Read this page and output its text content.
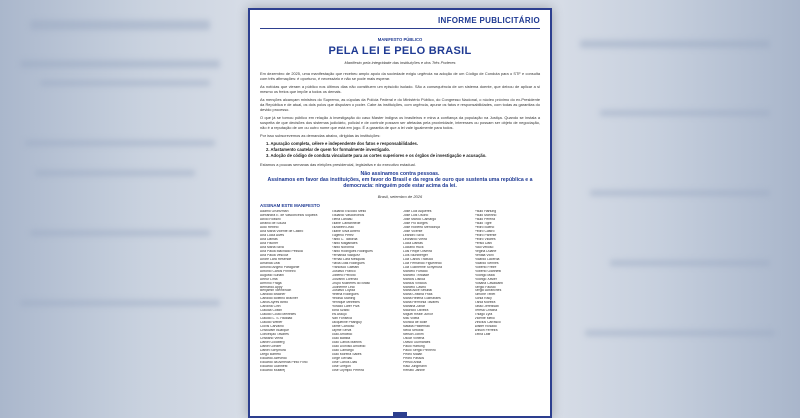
INFORME PUBLICITÁRIO
MANIFESTO PÚBLICO
PELA LEI E PELO BRASIL
Manifesto pela integridade das instituições e dos Três Poderes

Em dezembro de 2025, uma manifestação que recebeu amplo apoio da sociedade exigiu urgência na adoção de um Código de Conduta para o STF e consulta com três afirmações: é oportuno, é necessário e não se pode mais esperar.

As notícias que vieram a público nos últimos dias não constituem um episódio isolado. São a consequência de um sistema doente, que deixou de aplicar a si mesmo os freios que impõe a todos os demais.

As menções alcançam ministros do Supremo, as cúpulas da Polícia Federal e do Ministério Público, do Congresso Nacional, o núcleo próximo do ex-Presidente da República e de atual, os dois polos que disputam o poder. Cabe às instituições, com urgência, apurar os fatos e responsabilidades, com todas as garantias do devido processo.

O que já se tornou público em relação à investigação do caso Master indigna os brasileiros e mina a confiança da população na Justiça. Quando se instala a suspeita de que decisões dos sistemas judiciário, policial e de controle possam ser afetadas pela proximidade, interesses ou possam ser objeto de negociação, não é a reputação de um ou outro nome que está em jogo. É a garantia de que a lei vale igualmente para todos.

Por isso subscrevemos as demandas abaixo, dirigidas às instituições:

1. Apuração completa, célere e independente dos fatos e responsabilidades.
2. Afastamento cautelar de quem for formalmente investigado.
3. Adoção de código de conduta vinculante para as cortes superiores e os órgãos de investigação e acusação.

Estamos a poucas semanas das eleições presidencial, legislativa e do executivo estadual.

Não assinamos contra pessoas.
Assinamos em favor das instituições, em favor do Brasil e da regra de ouro que sustenta uma república e a democracia: ninguém pode estar acima da lei.
Brasil, setembro de 2026
ASSINAM ESTE MANIFESTO
Adamo Gruntzman
Alexandra E. de Vasconcelos Siqueira
Abílio Rossini
Afrânio de Souza
Aldo Rebelo
Ana Maria Vicente de Castro
Ana Lúcia Alves
Ana Dantas
Ana Fischer
Ana Maria Silva
Ana Paula Machado Pessoa
Ana Paula Vescovi
André Lara Resende
Amanda Leal
Antônio Angelo Paragonte
Antônio Carlos Pinheiro
Augusto Suriani
Arthur Lima
Armínio Fraga
Bernardo Appy
Benjamin Steinbruch
Cândido Bracher
Candido Botelho Bracher
Carlos Ayres Britto
Carolina Cirin
Cláudia Costin
Cláudio Couto Meirelles
Cláudio L. S. Haddad
Cláudio Weber
Clóvis Carvalho
Cristovam Buarque
Conceição Tavares
Cristiano Vieira
Daniel Goldberg
Daniel Gleizer
Daniel Schymura
Diego Barreto
Eduardo Azevedo
Eduardo da Almeida Pinto Filho
Eduardo Giannetti
Eduardo Mufarej
Eduardo Escocio Mello
Eduardo Vasconcelos
Elena Landau
Eliane Cantanhêde
Elizabeth Leão
Eliane Silva Antero
Eugênio Pérez
Fábio C. Taborda
Fábio Magalhães
Fábio Noronha
Fábio Rodrigues Rodrigues
Fernanda Vazquez
Fernão Lara Mesquita
Flávia Dias Rodrigues
Francisco Gaetani
Gustavo Franco
Gilberto Peixoto
Giovanni Lorenzo
Grupo Mulheres do Brasil
Guilherme Leal
Gustavo Loyola
Helena Rodrigues
Heloisa Starling
Henrique Meirelles
Horácio Lafer Piva
Ilona Szabó
Iris Araújo
Ivan Fonseca
Jacqueline Pitanguy
Jaime Cardoso
Jayme Serva
João Amoêdo
João Batista
João Carlos Martins
João Dionísio Amoedo
João Camargo
João Moreira Salles
Jorge Gerdau
José Carlos Dias
José Gregori
José Olympio Pereira
José Luiz Alquéres
José Luis Osorio
José Márcio Camargo
José Pio Borges
José Roberto Mendonça
José Vicente
Leandro Silva
Leonardo Vieira
Lúcia Dantas
Luciano Huck
Luis Felipe Oliveira
Luís Stuhlberger
Luiz Carlos Trabuco
Luiz Fernando Figueiredo
Luiz Guilherme Schymura
Marcelo Furtado
Marcelo Trindade
Marcos Lisboa
Marcus Vinicius
Marcelo Castro
Maria Alice Setubal
Maria Cristina Frias
Maria Helena Guimarães
Maria Hermínia Tavares
Mariana Zahar
Maurício Oliveira
Miguel Reale Júnior
Milú Villela
Monica de Bolle
Natália Pasternak
Neca Setubal
Nelson Jobim
Oscar Vilhena
Otávio Guimarães
Paulo Hartung
Paulo Sérgio Pinheiro
Pedro Malan
Pedro Passos
Persio Arida
Raul Jungmann
Renato Janine
Paulo Hartung
Paulo Marinho
Paulo Pereira
Paulo Tigre
Pedro Bueno
Pedro Castro
Pedro Parente
Pedro Villares
Persio Dahl
Raul Velloso
Regina Duarte
Renata Vichi
Ricardo Lacerda
Ricardo Sennes
Roberto Freire
Roberto Giannetti
Rodrigo Maia
Rodrigo Xavier
Rosana Cavalcanti
Sérgio Fausto
Sérgio Abranches
Simone Tebet
Sônia Racy
Tânia Moreira
Tasso Jereissati
Teresa Cristina
Thiago Lyra
Vicente Mello
Vinicius Carrasco
Walter Rosado
Wilson Ferreira
Zeina Latif
